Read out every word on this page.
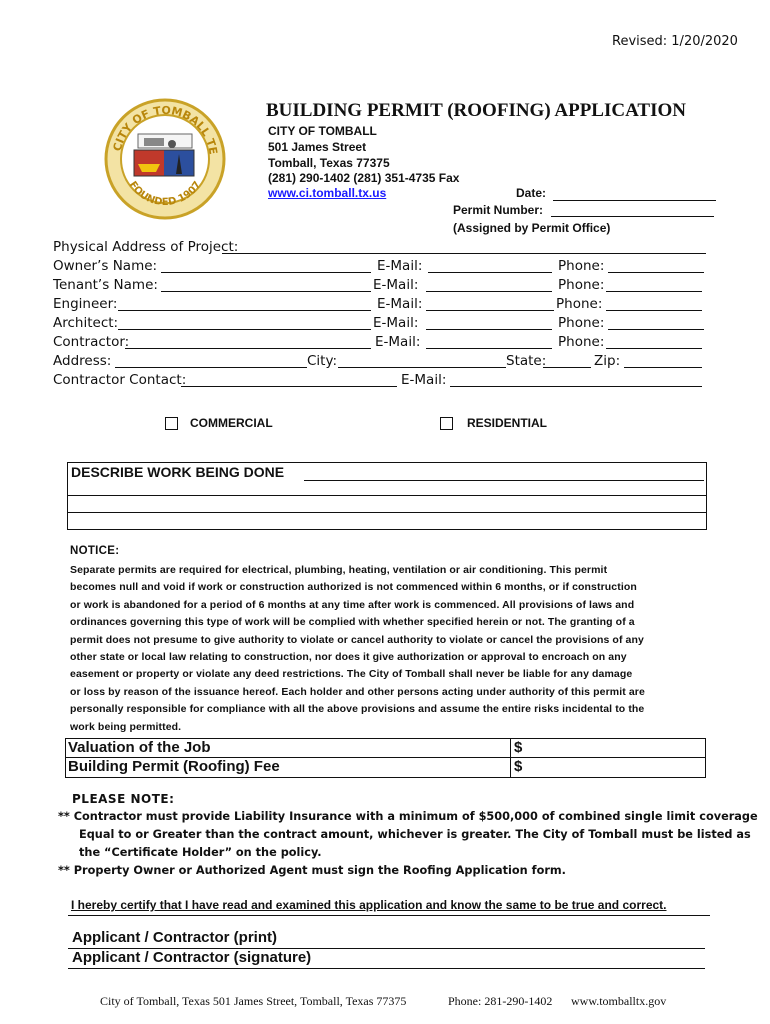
Revised: 1/20/2020
CITY OF TOMBALL TE
FOUNDED 1907
BUILDING PERMIT (ROOFING) APPLICATION
CITY OF TOMBALL
501 James Street
Tomball, Texas 77375
(281) 290-1402 (281) 351-4735 Fax
www.ci.tomball.tx.us	Date:
Permit Number:
(Assigned by Permit Office)
Physical Address of Project:
Owner’s Name:	E-Mail:	Phone:
Tenant’s Name:	E-Mail:	Phone:
Engineer:	E-Mail:	Phone:
Architect:	E-Mail:	Phone:
Contractor:	E-Mail:	Phone:
Address:	City:	State:	Zip:
Contractor Contact:	E-Mail:
COMMERCIAL	RESIDENTIAL
DESCRIBE WORK BEING DONE
NOTICE:
Separate permits are required for electrical, plumbing, heating, ventilation or air conditioning. This permit
becomes null and void if work or construction authorized is not commenced within 6 months, or if construction
or work is abandoned for a period of 6 months at any time after work is commenced. All provisions of laws and
ordinances governing this type of work will be complied with whether specified herein or not. The granting of a
permit does not presume to give authority to violate or cancel authority to violate or cancel the provisions of any
other state or local law relating to construction, nor does it give authorization or approval to encroach on any
easement or property or violate any deed restrictions. The City of Tomball shall never be liable for any damage
or loss by reason of the issuance hereof. Each holder and other persons acting under authority of this permit are
personally responsible for compliance with all the above provisions and assume the entire risks incidental to the
work being permitted.
Valuation of the Job	$
Building Permit (Roofing) Fee	$
PLEASE NOTE:
** Contractor must provide Liability Insurance with a minimum of $500,000 of combined single limit coverage
Equal to or Greater than the contract amount, whichever is greater. The City of Tomball must be listed as
the “Certificate Holder” on the policy.
** Property Owner or Authorized Agent must sign the Roofing Application form.
I hereby certify that I have read and examined this application and know the same to be true and correct.
Applicant / Contractor (print)
Applicant / Contractor (signature)
City of Tomball, Texas 501 James Street, Tomball, Texas 77375	Phone: 281-290-1402 www.tomballtx.gov
